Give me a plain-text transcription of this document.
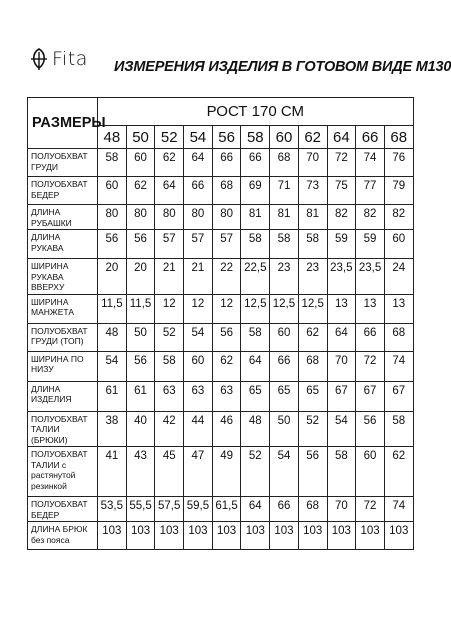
Fita ИЗМЕРЕНИЯ ИЗДЕЛИЯ В ГОТОВОМ ВИДЕ М130
РАЗМЕРЫ	РОСТ 170 СМ										
	48	50	52	54	56	58	60	62	64	66	68
ПОЛУОБХВАТ ГРУДИ	58	60	62	64	66	66	68	70	72	74	76
ПОЛУОБХВАТ БЕДЕР	60	62	64	66	68	69	71	73	75	77	79
ДЛИНА РУБАШКИ	80	80	80	80	80	81	81	81	82	82	82
ДЛИНА РУКАВА	56	56	57	57	57	58	58	58	59	59	60
ШИРИНА РУКАВА ВВЕРХУ	20	20	21	21	22	22,5	23	23	23,5	23,5	24
ШИРИНА МАНЖЕТА	11,5	11,5	12	12	12	12,5	12,5	12,5	13	13	13
ПОЛУОБХВАТ ГРУДИ (ТОП)	48	50	52	54	56	58	60	62	64	66	68
ШИРИНА ПО НИЗУ	54	56	58	60	62	64	66	68	70	72	74
ДЛИНА ИЗДЕЛИЯ	61	61	63	63	63	65	65	65	67	67	67
ПОЛУОБХВАТ ТАЛИИ (БРЮКИ)	38	40	42	44	46	48	50	52	54	56	58
ПОЛУОБХВАТ ТАЛИИ с растянутой резинкой	41	43	45	47	49	52	54	56	58	60	62
ПОЛУОБХВАТ БЕДЕР	53,5	55,5	57,5	59,5	61,5	64	66	68	70	72	74
ДЛИНА БРЮК без пояса	103	103	103	103	103	103	103	103	103	103	103
